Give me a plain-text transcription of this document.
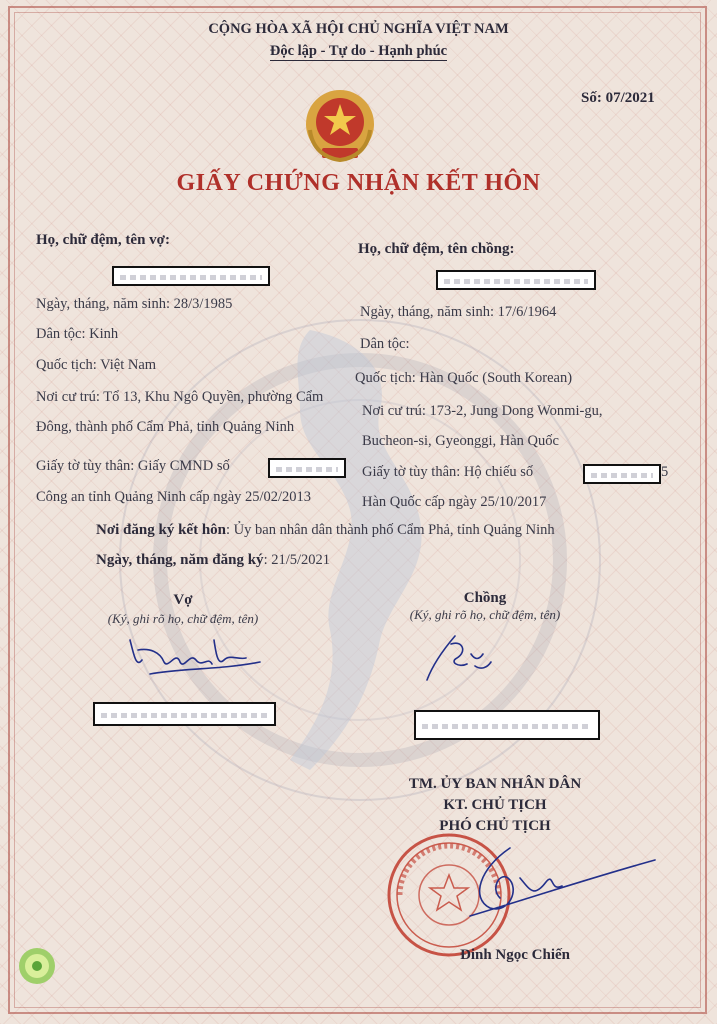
CỘNG HÒA XÃ HỘI CHỦ NGHĨA VIỆT NAM
Độc lập - Tự do - Hạnh phúc
Số: 07/2021
GIẤY CHỨNG NHẬN KẾT HÔN
Họ, chữ đệm, tên vợ:
Ngày, tháng, năm sinh: 28/3/1985
Dân tộc: Kinh
Quốc tịch: Việt Nam
Nơi cư trú: Tổ 13, Khu Ngô Quyền, phường Cẩm
Đông, thành phố Cẩm Phả, tỉnh Quảng Ninh
Giấy tờ tùy thân: Giấy CMND số
Công an tỉnh Quảng Ninh cấp ngày 25/02/2013
Họ, chữ đệm, tên chồng:
Ngày, tháng, năm sinh: 17/6/1964
Dân tộc:
Quốc tịch: Hàn Quốc (South Korean)
Nơi cư trú: 173-2, Jung Dong Wonmi-gu,
Bucheon-si, Gyeonggi, Hàn Quốc
Giấy tờ tùy thân: Hộ chiếu số	5
Hàn Quốc cấp ngày 25/10/2017
Nơi đăng ký kết hôn: Ủy ban nhân dân thành phố Cẩm Phả, tỉnh Quảng Ninh
Ngày, tháng, năm đăng ký: 21/5/2021
Vợ
(Ký, ghi rõ họ, chữ đệm, tên)
Chồng
(Ký, ghi rõ họ, chữ đệm, tên)
TM. ỦY BAN NHÂN DÂN
KT. CHỦ TỊCH
PHÓ CHỦ TỊCH
Đinh Ngọc Chiến
